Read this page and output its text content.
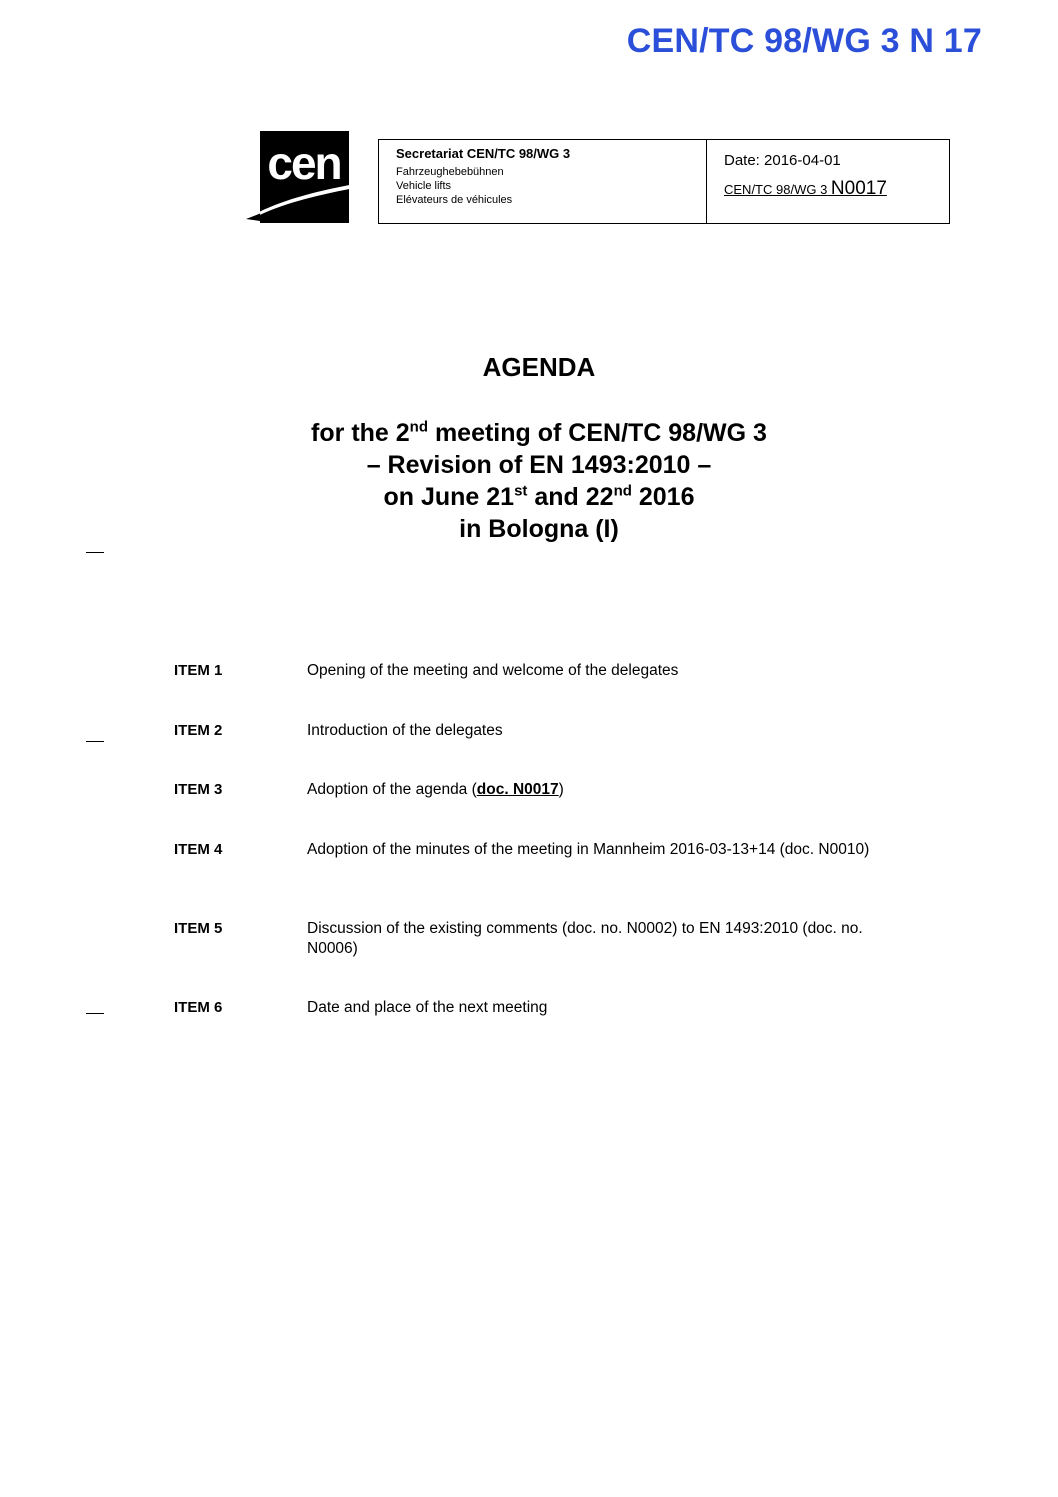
CEN/TC 98/WG 3 N 17
cen	Secretariat CEN/TC 98/WG 3
Fahrzeughebebühnen
Vehicle lifts
Elévateurs de véhicules
Date: 2016-04-01
CEN/TC 98/WG 3 N0017
AGENDA
for the 2nd meeting of CEN/TC 98/WG 3
– Revision of EN 1493:2010 –
on June 21st and 22nd 2016
in Bologna (I)
ITEM 1	Opening of the meeting and welcome of the delegates
ITEM 2	Introduction of the delegates
ITEM 3	Adoption of the agenda (doc. N0017)
ITEM 4	Adoption of the minutes of the meeting in Mannheim 2016-03-13+14 (doc. N0010)
ITEM 5	Discussion of the existing comments (doc. no. N0002) to EN 1493:2010 (doc. no. N0006)
ITEM 6	Date and place of the next meeting
